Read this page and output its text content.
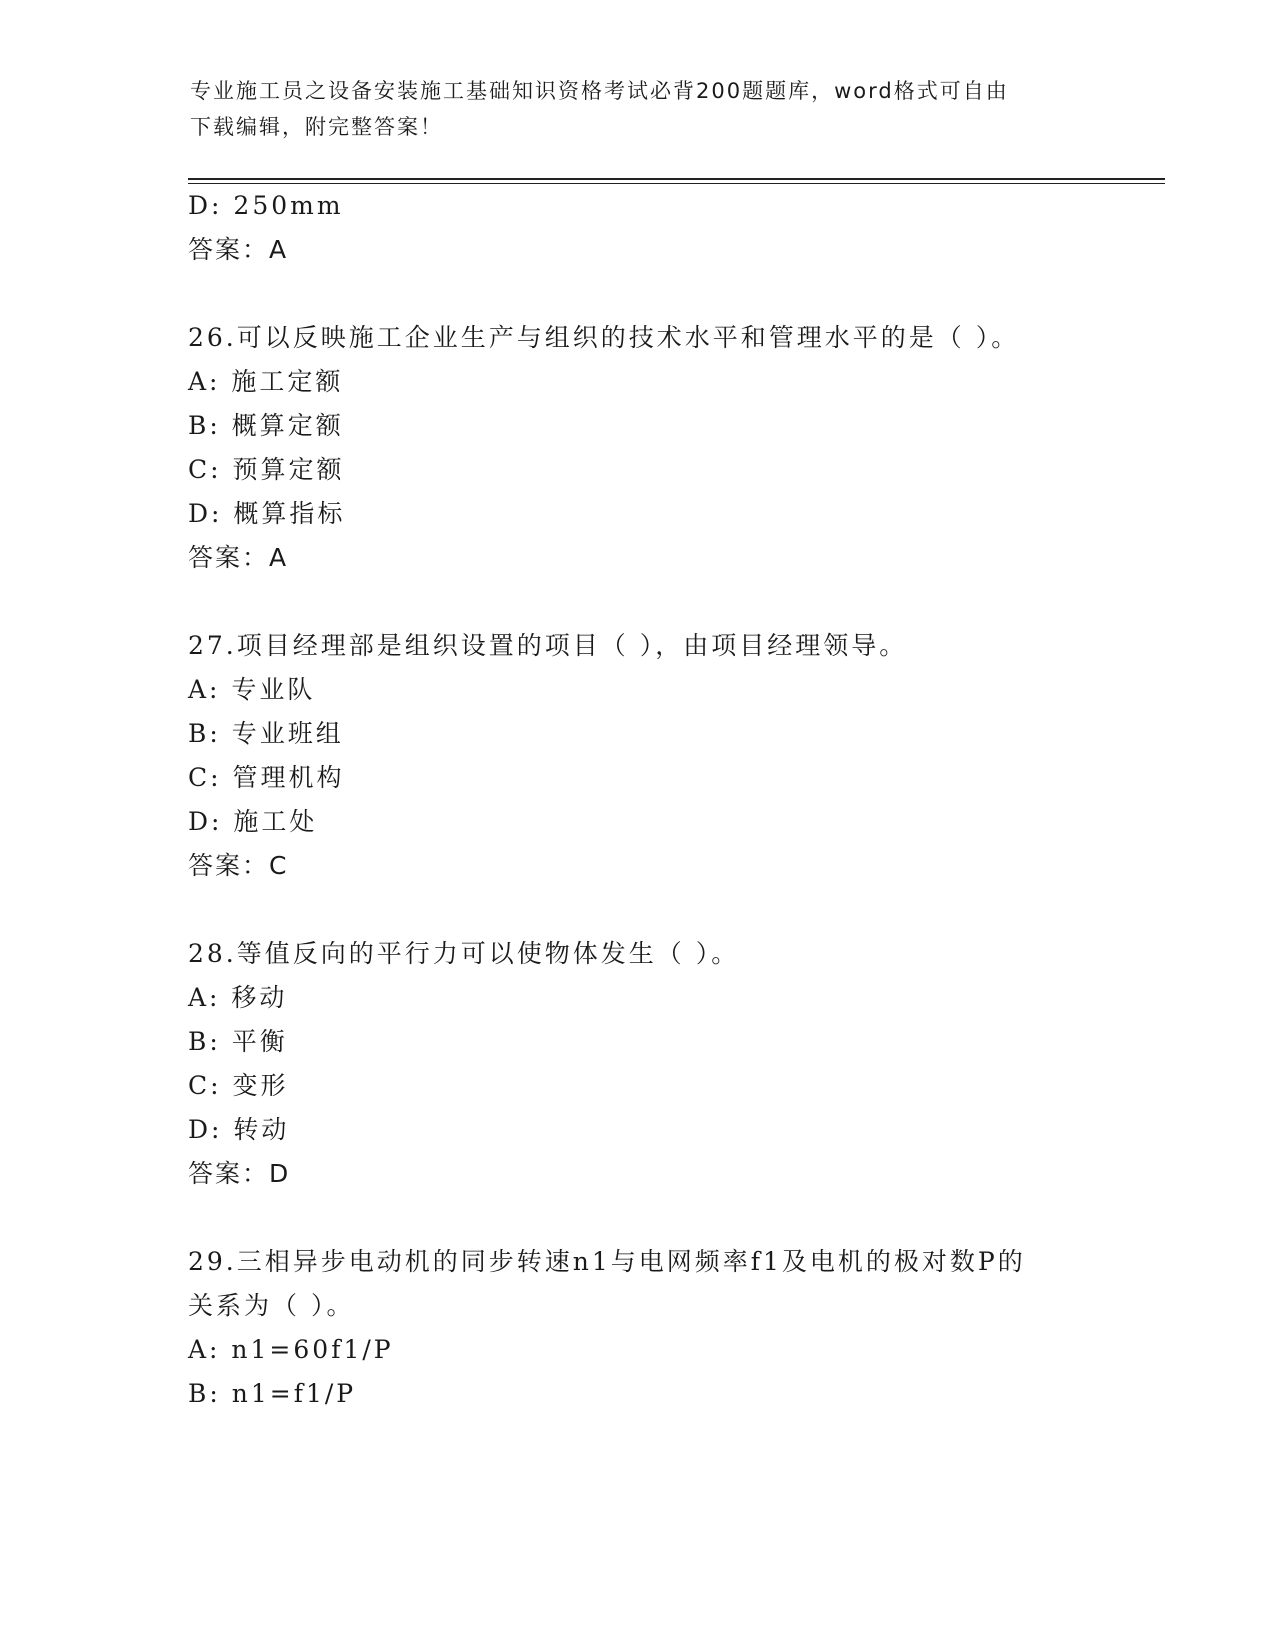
专业施工员之设备安装施工基础知识资格考试必背200题题库，word格式可自由
下载编辑，附完整答案！
D: 250mm
答案：A
26.可以反映施工企业生产与组织的技术水平和管理水平的是（ ）。
A: 施工定额
B: 概算定额
C: 预算定额
D: 概算指标
答案：A
27.项目经理部是组织设置的项目（ ），由项目经理领导。
A: 专业队
B: 专业班组
C: 管理机构
D: 施工处
答案：C
28.等值反向的平行力可以使物体发生（ ）。
A: 移动
B: 平衡
C: 变形
D: 转动
答案：D
29.三相异步电动机的同步转速n1与电网频率f1及电机的极对数P的
关系为（ ）。
A: n1=60f1/P
B: n1=f1/P
